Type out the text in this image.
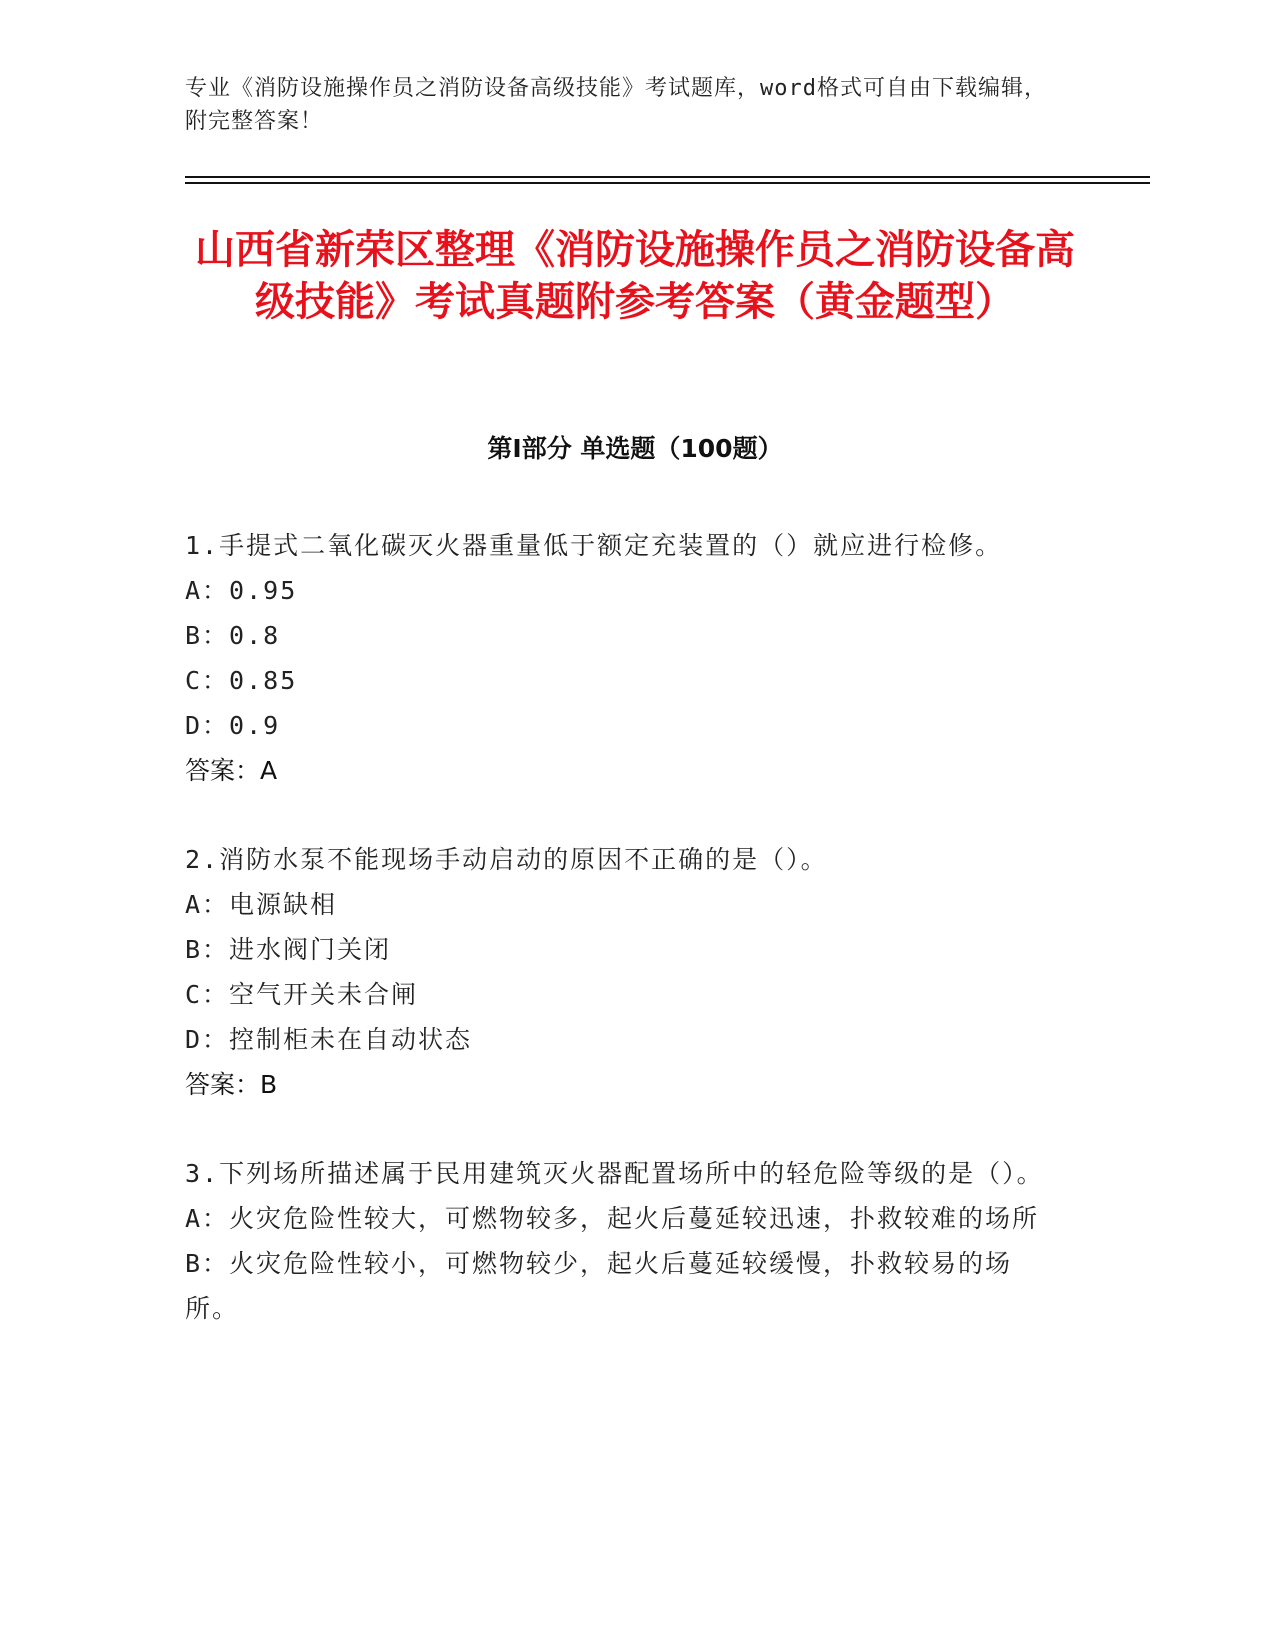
专业《消防设施操作员之消防设备高级技能》考试题库，word格式可自由下载编辑，附完整答案！
山西省新荣区整理《消防设施操作员之消防设备高级技能》考试真题附参考答案（黄金题型）
第I部分 单选题（100题）
1.手提式二氧化碳灭火器重量低于额定充装置的（）就应进行检修。
A：0.95
B：0.8
C：0.85
D：0.9
答案：A
2.消防水泵不能现场手动启动的原因不正确的是（）。
A：电源缺相
B：进水阀门关闭
C：空气开关未合闸
D：控制柜未在自动状态
答案：B
3.下列场所描述属于民用建筑灭火器配置场所中的轻危险等级的是（）。
A：火灾危险性较大，可燃物较多，起火后蔓延较迅速，扑救较难的场所
B：火灾危险性较小，可燃物较少，起火后蔓延较缓慢，扑救较易的场所。
